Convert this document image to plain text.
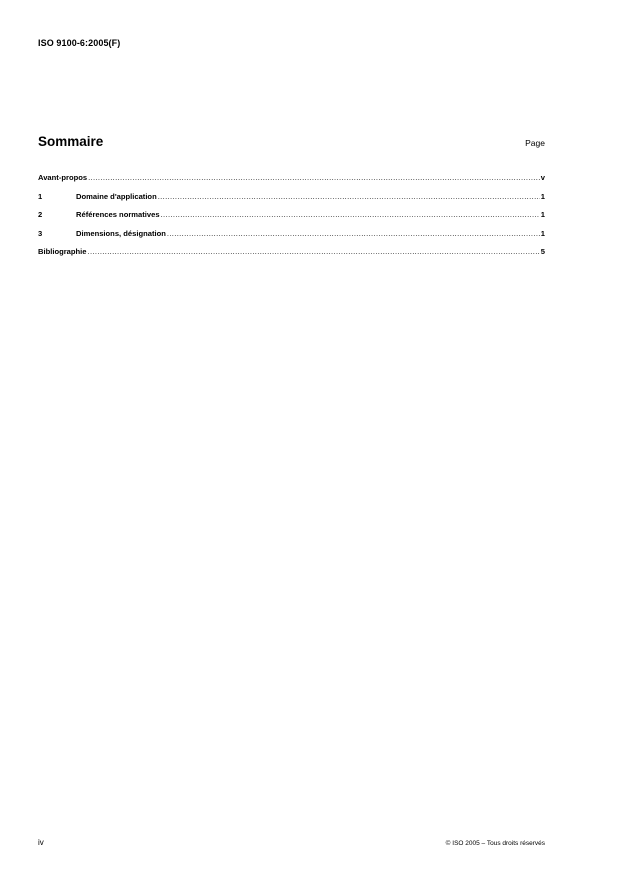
ISO 9100-6:2005(F)
Sommaire	Page
Avant-propos .....	v
1	Domaine d'application .....	1
2	Références normatives .....	1
3	Dimensions, désignation .....	1
Bibliographie .....	5
iv	© ISO 2005 – Tous droits réservés
